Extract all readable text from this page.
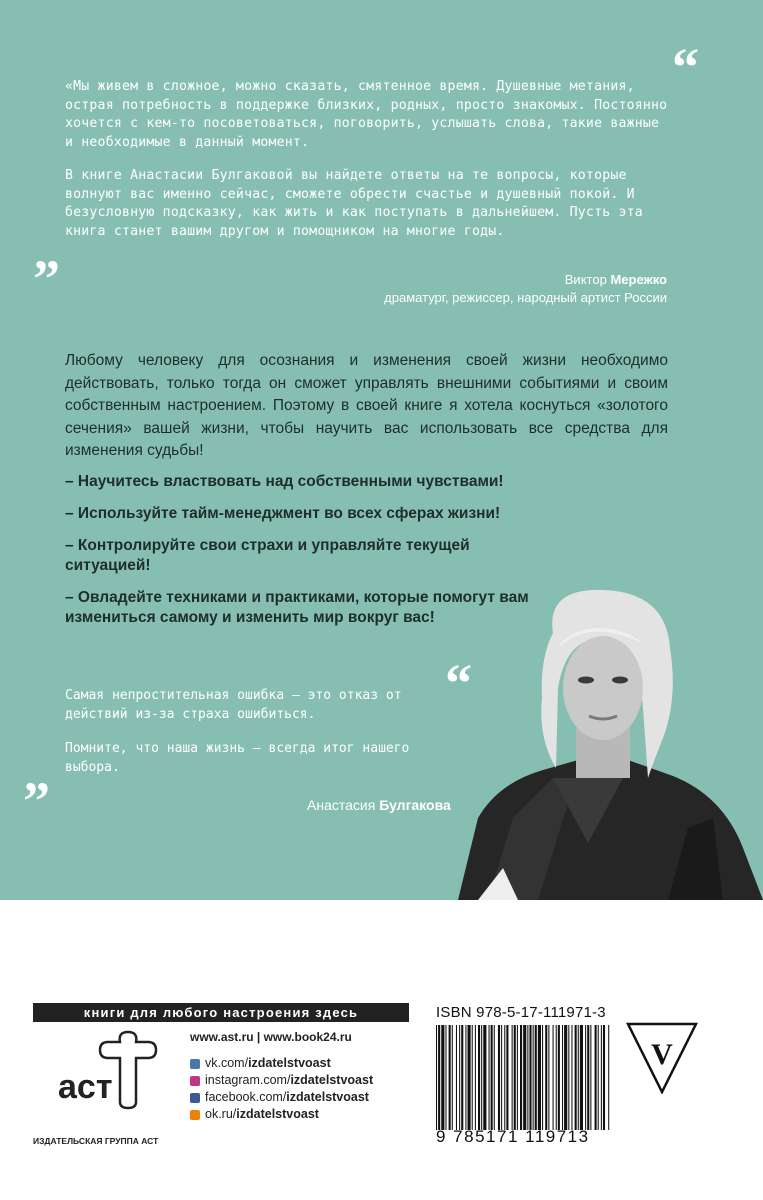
“

«Мы живем в сложное, можно сказать, смятенное время. Душевные метания, острая потребность в поддержке близких, родных, просто знакомых. Постоянно хочется с кем-то посоветоваться, поговорить, услышать слова, такие важные и необходимые в данный момент.

В книге Анастасии Булгаковой вы найдете ответы на те вопросы, которые волнуют вас именно сейчас, сможете обрести счастье и душевный покой. И безусловную подсказку, как жить и как поступать в дальнейшем. Пусть эта книга станет вашим другом и помощником на многие годы.

”	Виктор Мережко
драматург, режиссер, народный артист России
Любому человеку для осознания и изменения своей жизни необходимо действовать, только тогда он сможет управлять внешними событиями и своим собственным настроением. Поэтому в своей книге я хотела коснуться «золотого сечения» вашей жизни, чтобы научить вас использовать все средства для изменения судьбы!
– Научитесь властвовать над собственными чувствами!
– Используйте тайм-менеджмент во всех сферах жизни!
– Контролируйте свои страхи и управляйте текущей ситуацией!
– Овладейте техниками и практиками, которые помогут вам измениться самому и изменить мир вокруг вас!
“

Самая непростительная ошибка — это отказ от действий из-за страха ошибиться.

Помните, что наша жизнь — всегда итог нашего выбора.

”	Анастасия Булгакова
книги для любого настроения здесь
аст
ИЗДАТЕЛЬСКАЯ ГРУППА АСТ
www.ast.ru | www.book24.ru
vk.com/ izdatelstvoast
instagram.com/ izdatelstvoast
facebook.com/ izdatelstvoast
ok.ru/ izdatelstvoast
ISBN 978-5-17-111971-3
9 785171 119713
V
